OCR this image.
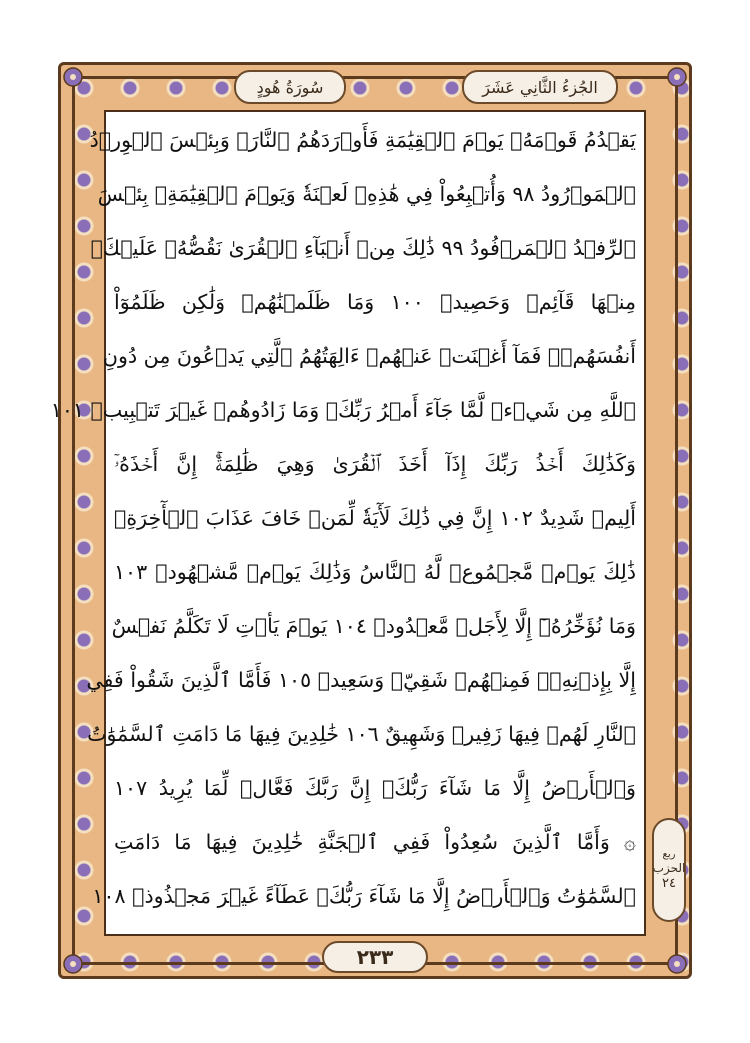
الجُزءُ الثَّانِي عَشَرَ
سُورَةُ هُودٍ
يَقۡدُمُ قَوۡمَهُۥ يَوۡمَ ٱلۡقِيَٰمَةِ فَأَوۡرَدَهُمُ ٱلنَّارَۖ وَبِئۡسَ ٱلۡوِرۡدُ
ٱلۡمَوۡرُودُ ٩٨ وَأُتۡبِعُواْ فِي هَٰذِهِۦ لَعۡنَةٗ وَيَوۡمَ ٱلۡقِيَٰمَةِۚ بِئۡسَ
ٱلرِّفۡدُ ٱلۡمَرۡفُودُ ٩٩ ذَٰلِكَ مِنۡ أَنۢبَآءِ ٱلۡقُرَىٰ نَقُصُّهُۥ عَلَيۡكَۖ
مِنۡهَا قَآئِمٞ وَحَصِيدٞ ١٠٠ وَمَا ظَلَمۡنَٰهُمۡ وَلَٰكِن ظَلَمُوٓاْ
أَنفُسَهُمۡۖ فَمَآ أَغۡنَتۡ عَنۡهُمۡ ءَالِهَتُهُمُ ٱلَّتِي يَدۡعُونَ مِن دُونِ
ٱللَّهِ مِن شَيۡءٖ لَّمَّا جَآءَ أَمۡرُ رَبِّكَۖ وَمَا زَادُوهُمۡ غَيۡرَ تَتۡبِيبٖ ١٠١
وَكَذَٰلِكَ أَخۡذُ رَبِّكَ إِذَآ أَخَذَ ٱلۡقُرَىٰ وَهِيَ ظَٰلِمَةٌۚ إِنَّ أَخۡذَهُۥٓ
أَلِيمٞ شَدِيدٌ ١٠٢ إِنَّ فِي ذَٰلِكَ لَأٓيَةٗ لِّمَنۡ خَافَ عَذَابَ ٱلۡأٓخِرَةِۚ
ذَٰلِكَ يَوۡمٞ مَّجۡمُوعٞ لَّهُ ٱلنَّاسُ وَذَٰلِكَ يَوۡمٞ مَّشۡهُودٞ ١٠٣
وَمَا نُؤَخِّرُهُۥٓ إِلَّا لِأَجَلٖ مَّعۡدُودٖ ١٠٤ يَوۡمَ يَأۡتِ لَا تَكَلَّمُ نَفۡسٌ
إِلَّا بِإِذۡنِهِۦۚ فَمِنۡهُمۡ شَقِيّٞ وَسَعِيدٞ ١٠٥ فَأَمَّا ٱلَّذِينَ شَقُواْ فَفِي
ٱلنَّارِ لَهُمۡ فِيهَا زَفِيرٞ وَشَهِيقٌ ١٠٦ خَٰلِدِينَ فِيهَا مَا دَامَتِ ٱلسَّمَٰوَٰتُ
وَٱلۡأَرۡضُ إِلَّا مَا شَآءَ رَبُّكَۚ إِنَّ رَبَّكَ فَعَّالٞ لِّمَا يُرِيدُ ١٠٧
۞ وَأَمَّا ٱلَّذِينَ سُعِدُواْ فَفِي ٱلۡجَنَّةِ خَٰلِدِينَ فِيهَا مَا دَامَتِ
ٱلسَّمَٰوَٰتُ وَٱلۡأَرۡضُ إِلَّا مَا شَآءَ رَبُّكَۖ عَطَآءً غَيۡرَ مَجۡذُوذٖ ١٠٨
ربع
الحزب
٢٤
٢٣٣
